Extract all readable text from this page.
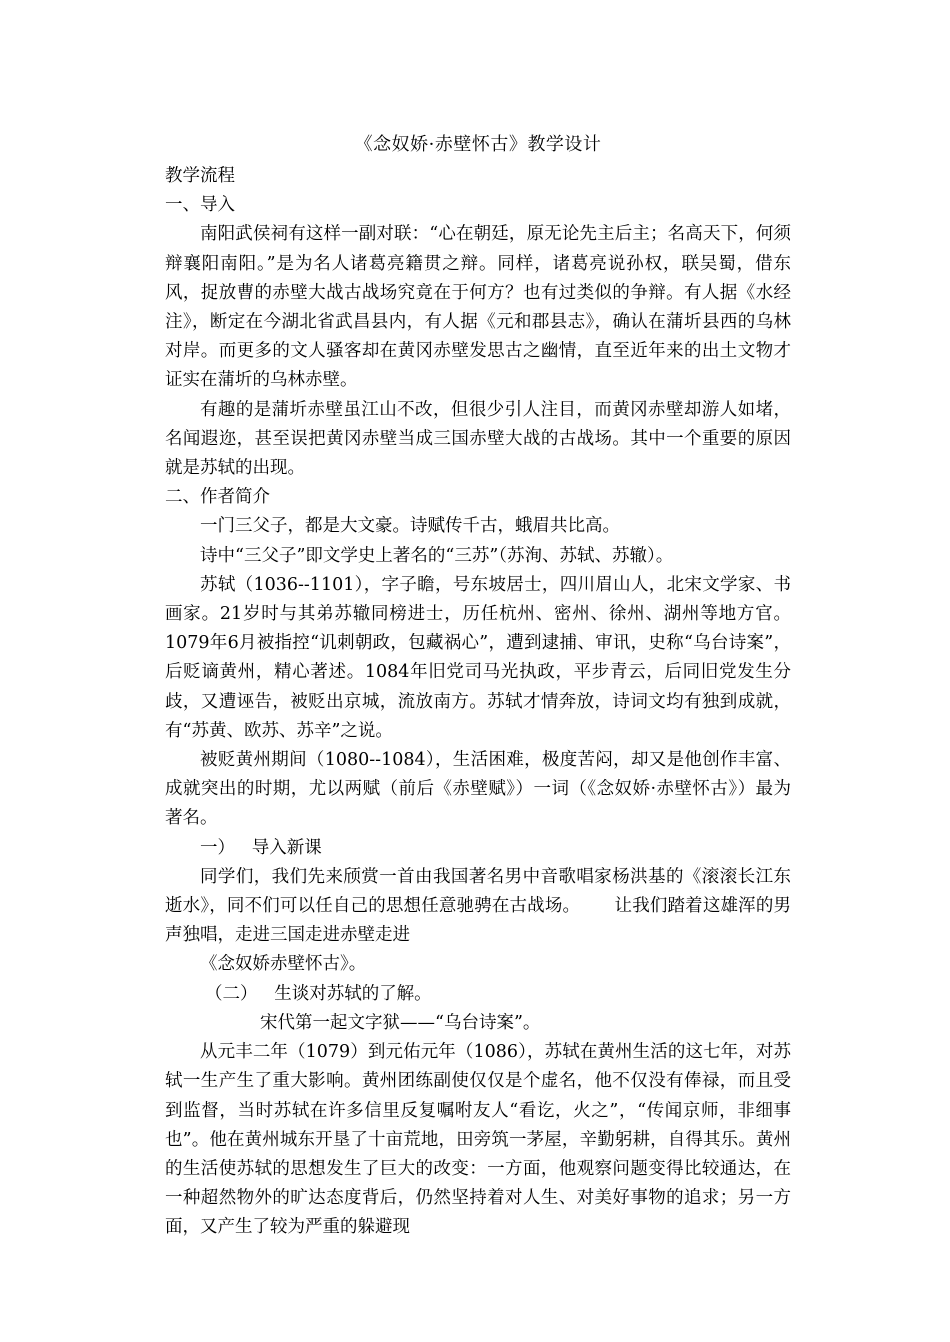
《念奴娇·赤壁怀古》教学设计

教学流程

一、导入

南阳武侯祠有这样一副对联：“心在朝廷，原无论先主后主；名高天下，何须辩襄阳南阳。”是为名人诸葛亮籍贯之辩。同样，诸葛亮说孙权，联吴蜀，借东风，捉放曹的赤壁大战古战场究竟在于何方？也有过类似的争辩。有人据《水经注》，断定在今湖北省武昌县内，有人据《元和郡县志》，确认在蒲圻县西的乌林对岸。而更多的文人骚客却在黄冈赤壁发思古之幽情，直至近年来的出土文物才证实在蒲圻的乌林赤壁。

有趣的是蒲圻赤壁虽江山不改，但很少引人注目，而黄冈赤壁却游人如堵，名闻遐迩，甚至误把黄冈赤壁当成三国赤壁大战的古战场。其中一个重要的原因就是苏轼的出现。

二、作者简介

一门三父子，都是大文豪。诗赋传千古，蛾眉共比高。

诗中“三父子”即文学史上著名的“三苏”（苏洵、苏轼、苏辙）。

苏轼（1036--1101），字子瞻，号东坡居士，四川眉山人，北宋文学家、书画家。21岁时与其弟苏辙同榜进士，历任杭州、密州、徐州、湖州等地方官。1079年6月被指控“讥刺朝政，包藏祸心”，遭到逮捕、审讯，史称“乌台诗案”，后贬谪黄州，精心著述。1084年旧党司马光执政，平步青云，后同旧党发生分歧，又遭诬告，被贬出京城，流放南方。苏轼才情奔放，诗词文均有独到成就，有“苏黄、欧苏、苏辛”之说。

被贬黄州期间（1080--1084），生活困难，极度苦闷，却又是他创作丰富、成就突出的时期，尤以两赋（前后《赤壁赋》）一词（《念奴娇·赤壁怀古》）最为著名。

一）   导入新课

同学们，我们先来颀赏一首由我国著名男中音歌唱家杨洪基的《滚滚长江东逝水》，同不们可以任自己的思想任意驰骋在古战场。      让我们踏着这雄浑的男声独唱，走进三国走进赤壁走进

《念奴娇赤壁怀古》。

（二）   生谈对苏轼的了解。

宋代第一起文字狱——“乌台诗案”。

从元丰二年（1079）到元佑元年（1086），苏轼在黄州生活的这七年，对苏轼一生产生了重大影响。黄州团练副使仅仅是个虚名，他不仅没有俸禄，而且受到监督，当时苏轼在许多信里反复嘱咐友人“看讫，火之”，“传闻京师，非细事也”。他在黄州城东开垦了十亩荒地，田旁筑一茅屋，辛勤躬耕，自得其乐。黄州的生活使苏轼的思想发生了巨大的改变：一方面，他观察问题变得比较通达，在一种超然物外的旷达态度背后，仍然坚持着对人生、对美好事物的追求；另一方面，又产生了较为严重的躲避现
